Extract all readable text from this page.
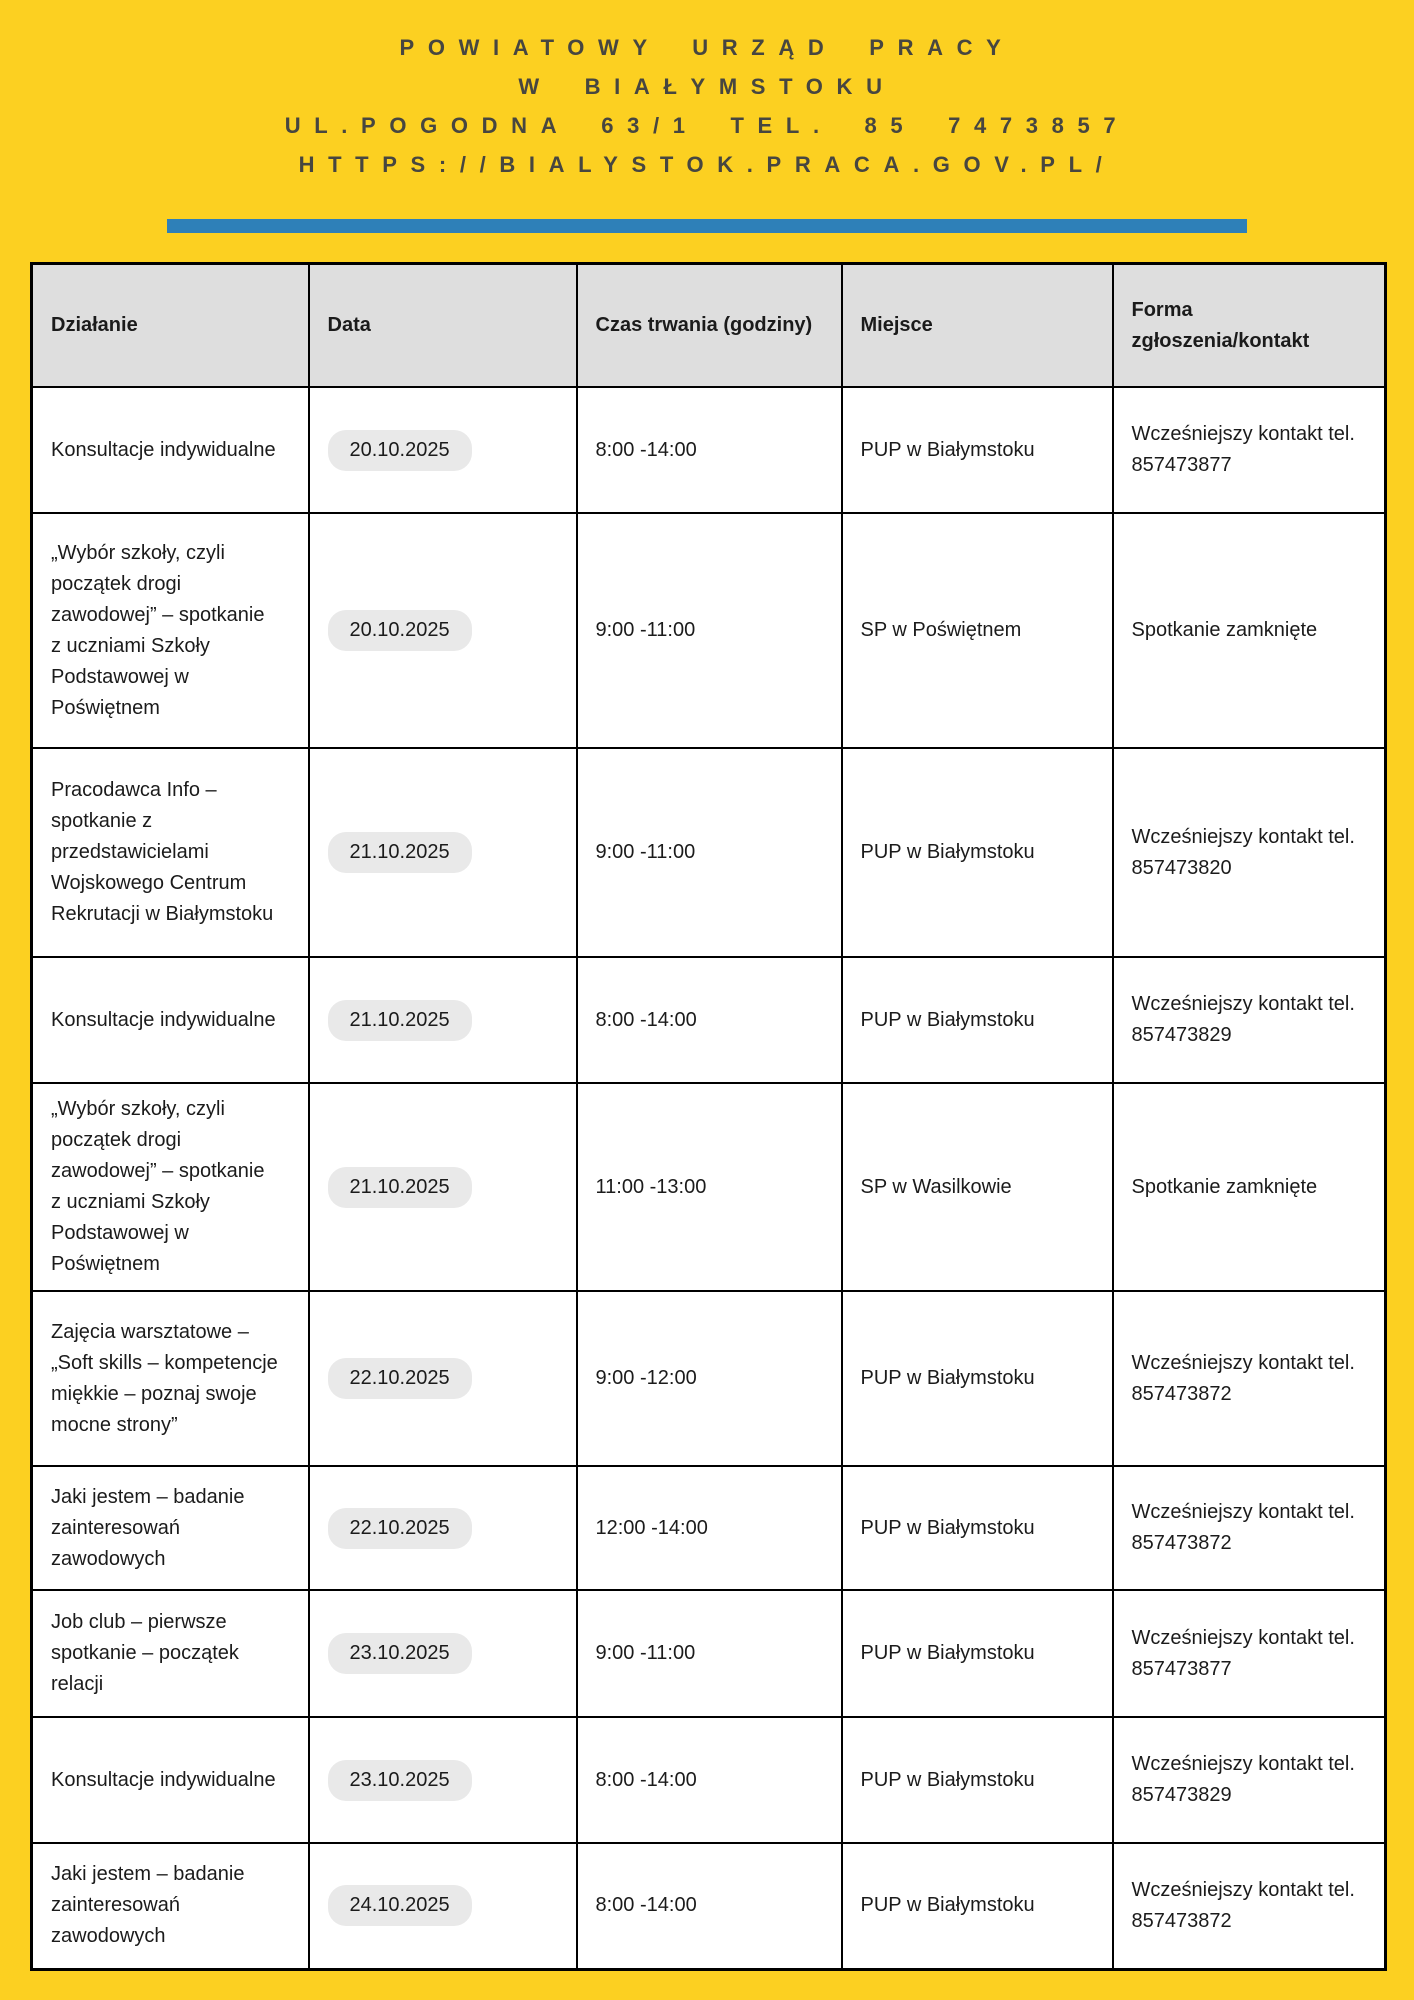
POWIATOWY URZĄD PRACY
W BIAŁYMSTOKU
UL.POGODNA 63/1 TEL. 85 7473857
HTTPS://BIALYSTOK.PRACA.GOV.PL/
Działanie	Data	Czas trwania (godziny)	Miejsce	Forma zgłoszenia/kontakt
Konsultacje indywidualne	20.10.2025	8:00 -14:00	PUP w Białymstoku	Wcześniejszy kontakt tel. 857473877
„Wybór szkoły, czyli początek drogi zawodowej” – spotkanie z uczniami Szkoły Podstawowej w Poświętnem	20.10.2025	9:00 -11:00	SP w Poświętnem	Spotkanie zamknięte
Pracodawca Info – spotkanie z przedstawicielami Wojskowego Centrum Rekrutacji w Białymstoku	21.10.2025	9:00 -11:00	PUP w Białymstoku	Wcześniejszy kontakt tel. 857473820
Konsultacje indywidualne	21.10.2025	8:00 -14:00	PUP w Białymstoku	Wcześniejszy kontakt tel. 857473829
„Wybór szkoły, czyli początek drogi zawodowej” – spotkanie z uczniami Szkoły Podstawowej w Poświętnem	21.10.2025	11:00 -13:00	SP w Wasilkowie	Spotkanie zamknięte
Zajęcia warsztatowe – „Soft skills – kompetencje miękkie – poznaj swoje mocne strony”	22.10.2025	9:00 -12:00	PUP w Białymstoku	Wcześniejszy kontakt tel. 857473872
Jaki jestem – badanie zainteresowań zawodowych	22.10.2025	12:00 -14:00	PUP w Białymstoku	Wcześniejszy kontakt tel. 857473872
Job club – pierwsze spotkanie – początek relacji	23.10.2025	9:00 -11:00	PUP w Białymstoku	Wcześniejszy kontakt tel. 857473877
Konsultacje indywidualne	23.10.2025	8:00 -14:00	PUP w Białymstoku	Wcześniejszy kontakt tel. 857473829
Jaki jestem – badanie zainteresowań zawodowych	24.10.2025	8:00 -14:00	PUP w Białymstoku	Wcześniejszy kontakt tel. 857473872
